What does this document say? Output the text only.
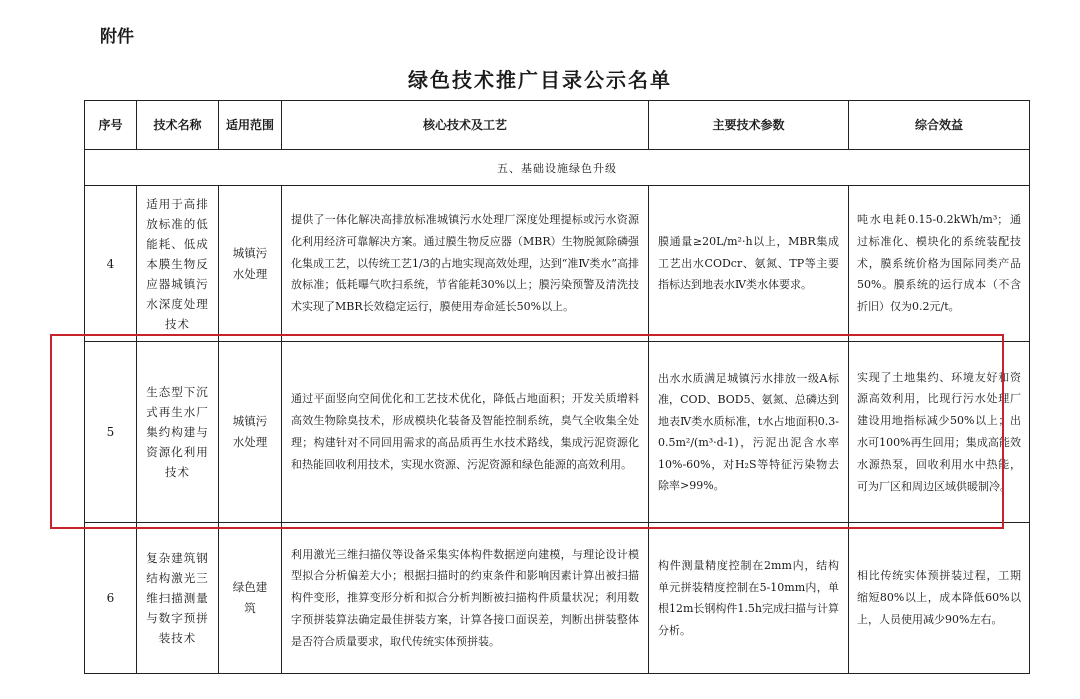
附件
绿色技术推广目录公示名单
序号	技术名称	适用范围	核心技术及工艺	主要技术参数	综合效益
五、基础设施绿色升级					
4	适用于高排放标准的低能耗、低成本膜生物反应器城镇污水深度处理技术	城镇污水处理	提供了一体化解决高排放标准城镇污水处理厂深度处理提标或污水资源化利用经济可靠解决方案。通过膜生物反应器（MBR）生物脱氮除磷强化集成工艺，以传统工艺1/3的占地实现高效处理，达到“准Ⅳ类水”高排放标准；低耗曝气吹扫系统，节省能耗30%以上；膜污染预警及清洗技术实现了MBR长效稳定运行，膜使用寿命延长50%以上。	膜通量≥20L/m²·h以上，MBR集成工艺出水CODcr、氨氮、TP等主要指标达到地表水Ⅳ类水体要求。	吨水电耗0.15-0.2kWh/m³；通过标准化、模块化的系统装配技术，膜系统价格为国际同类产品50%。膜系统的运行成本（不含折旧）仅为0.2元/t。
5	生态型下沉式再生水厂集约构建与资源化利用技术	城镇污水处理	通过平面竖向空间优化和工艺技术优化，降低占地面积；开发关质增料高效生物除臭技术，形成模块化装备及智能控制系统，臭气全收集全处理；构建针对不同回用需求的高品质再生水技术路线，集成污泥资源化和热能回收利用技术，实现水资源、污泥资源和绿色能源的高效利用。	出水水质满足城镇污水排放一级A标准，COD、BOD5、氨氮、总磷达到地表Ⅳ类水质标准，t水占地面积0.3-0.5m²/(m³·d-1)，污泥出泥含水率10%-60%，对H₂S等特征污染物去除率>99%。	实现了土地集约、环境友好和资源高效利用，比现行污水处理厂建设用地指标减少50%以上；出水可100%再生回用；集成高能效水源热泵，回收利用水中热能，可为厂区和周边区域供暖制冷。
6	复杂建筑钢结构激光三维扫描测量与数字预拼装技术	绿色建筑	利用激光三维扫描仪等设备采集实体构件数据逆向建模，与理论设计模型拟合分析偏差大小；根据扫描时的约束条件和影响因素计算出被扫描构件变形，推算变形分析和拟合分析判断被扫描构件质量状况；利用数字预拼装算法确定最佳拼装方案，计算各接口面误差，判断出拼装整体是否符合质量要求，取代传统实体预拼装。	构件测量精度控制在2mm内，结构单元拼装精度控制在5-10mm内，单根12m长钢构件1.5h完成扫描与计算分析。	相比传统实体预拼装过程，工期缩短80%以上，成本降低60%以上，人员使用减少90%左右。
